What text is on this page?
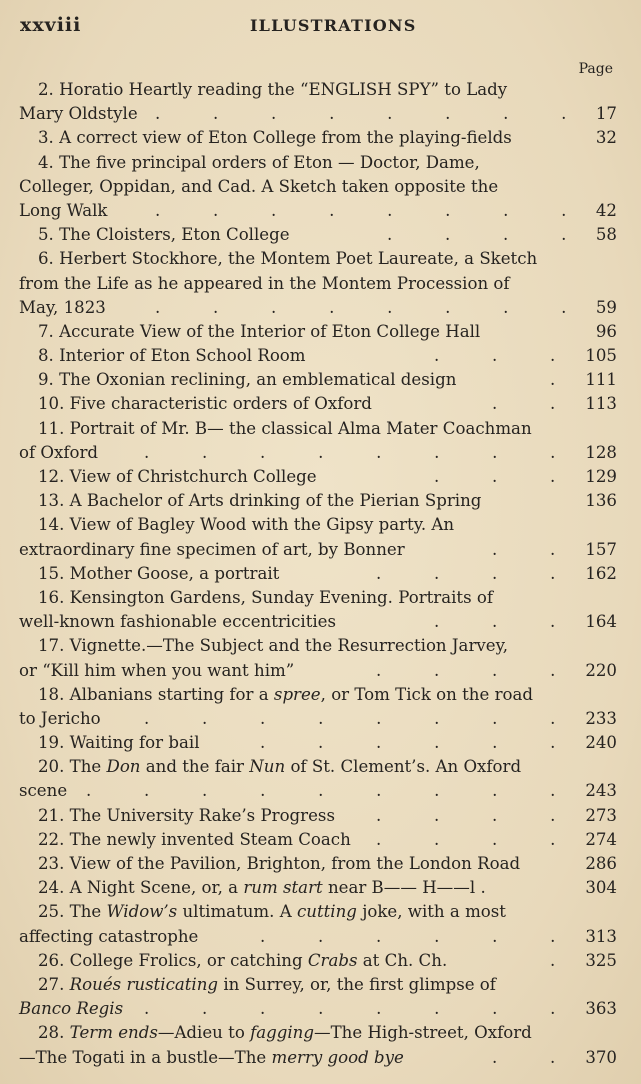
xxviii	ILLUSTRATIONS
Page
2. Horatio Heartly reading the “ENGLISH SPY” to Lady
Mary Oldstyle	17
.          .          .          .          .          .          .          .
3. A correct view of Eton College from the playing-fields	32
4. The five principal orders of Eton — Doctor, Dame,
Colleger, Oppidan, and Cad. A Sketch taken opposite the
Long Walk	42
.          .          .          .          .          .          .          .
5. The Cloisters, Eton College	58
.          .          .          .
6. Herbert Stockhore, the Montem Poet Laureate, a Sketch
from the Life as he appeared in the Montem Procession of
May, 1823	59
.          .          .          .          .          .          .          .
7. Accurate View of the Interior of Eton College Hall	96
8. Interior of Eton School Room	105
.          .          .
9. The Oxonian reclining, an emblematical design	111
.
10. Five characteristic orders of Oxford	113
.          .
11. Portrait of Mr. B— the classical Alma Mater Coachman
of Oxford	128
.          .          .          .          .          .          .          .
12. View of Christchurch College	129
.          .          .
13. A Bachelor of Arts drinking of the Pierian Spring	136
14. View of Bagley Wood with the Gipsy party. An
extraordinary fine specimen of art, by Bonner	157
.          .
15. Mother Goose, a portrait	162
.          .          .          .
16. Kensington Gardens, Sunday Evening. Portraits of
well-known fashionable eccentricities	164
.          .          .
17. Vignette.—The Subject and the Resurrection Jarvey,
or “Kill him when you want him”	220
.          .          .          .
18. Albanians starting for a spree, or Tom Tick on the road
to Jericho	233
.          .          .          .          .          .          .          .
19. Waiting for bail	240
.          .          .          .          .          .
20. The Don and the fair Nun of St. Clement’s. An Oxford
scene	243
.          .          .          .          .          .          .          .          .
21. The University Rake’s Progress	273
.          .          .          .
22. The newly invented Steam Coach	274
.          .          .          .
23. View of the Pavilion, Brighton, from the London Road	286
24. A Night Scene, or, a rum start near B—— H——l .	304
25. The Widow’s ultimatum. A cutting joke, with a most
affecting catastrophe	313
.          .          .          .          .          .
26. College Frolics, or catching Crabs at Ch. Ch.	325
.
27. Roués rusticating in Surrey, or, the first glimpse of
Banco Regis	363
.          .          .          .          .          .          .          .
28. Term ends—Adieu to fagging—The High-street, Oxford
—The Togati in a bustle—The merry good bye	370
.          .
